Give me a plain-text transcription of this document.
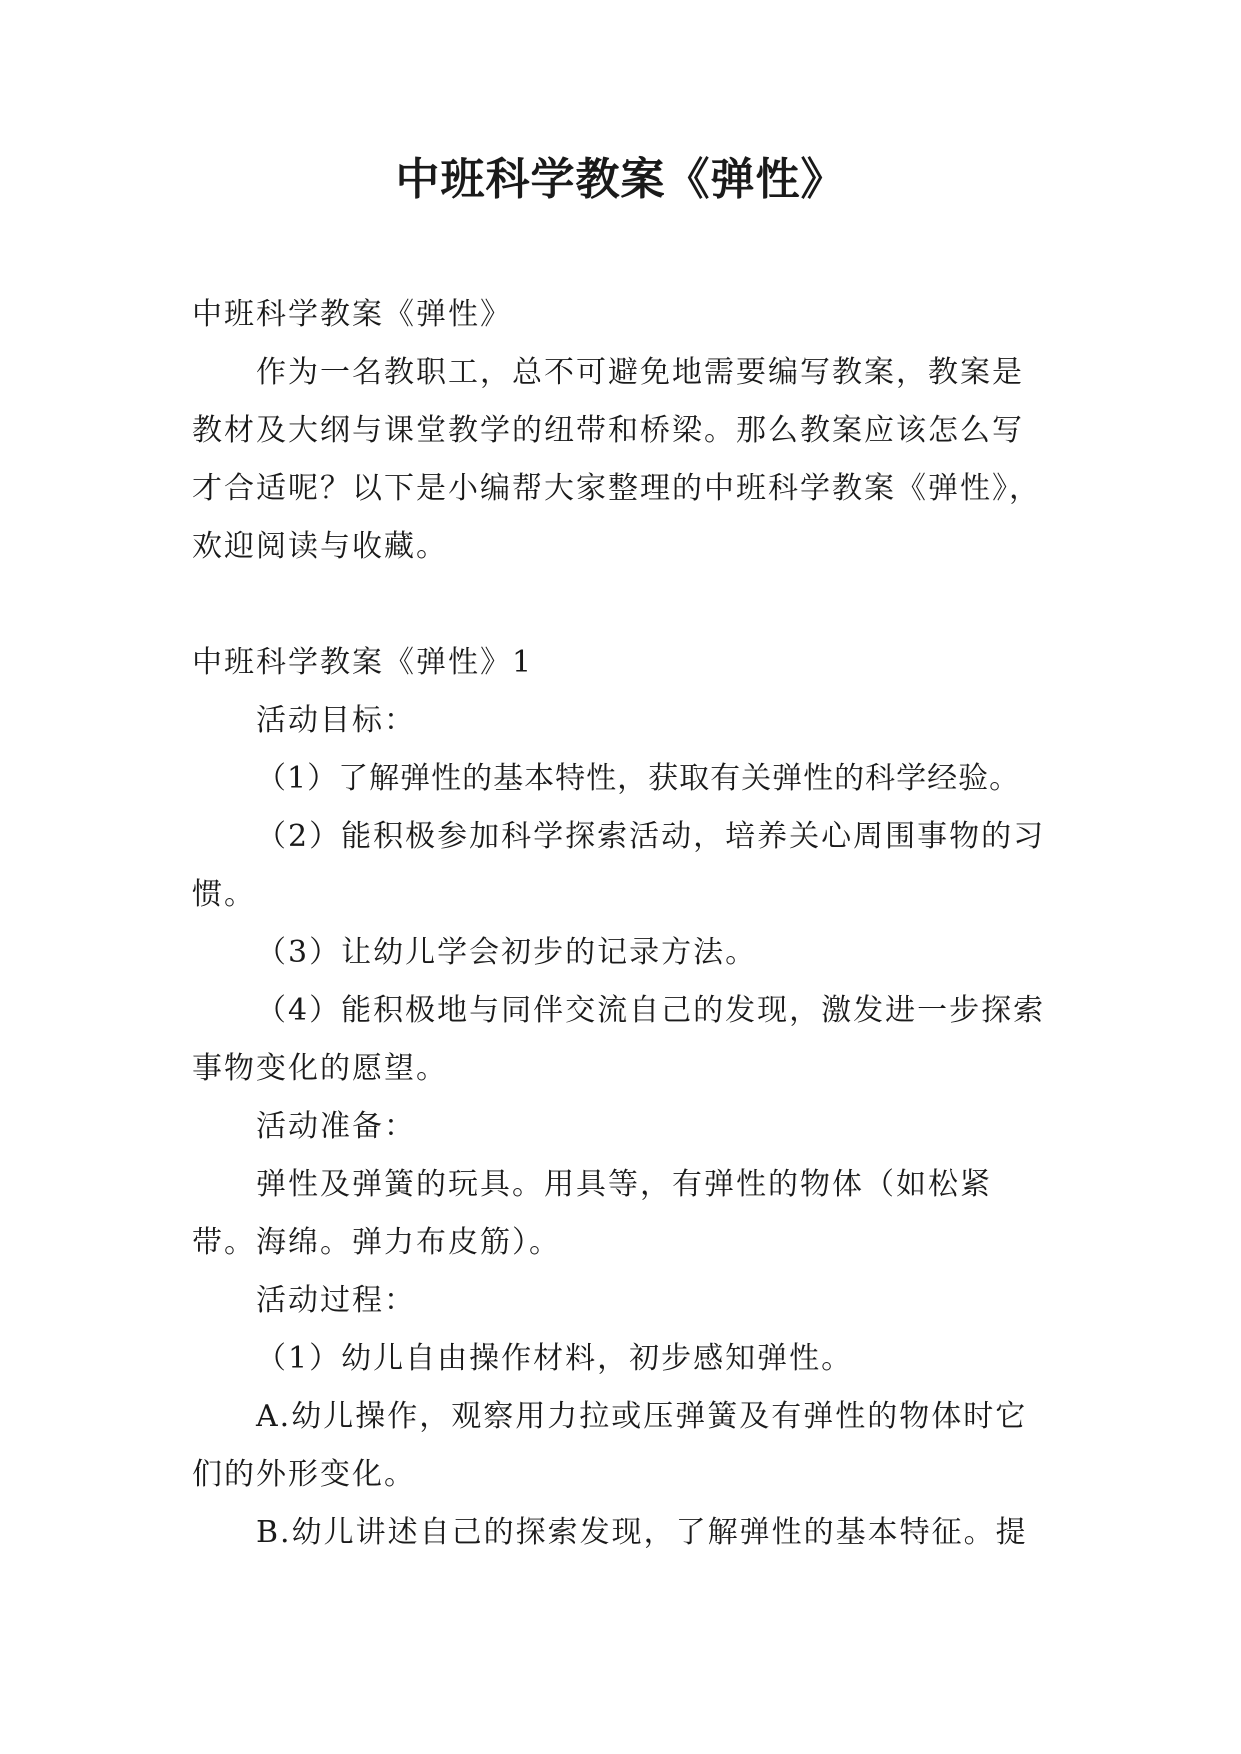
中班科学教案《弹性》

中班科学教案《弹性》

作为一名教职工，总不可避免地需要编写教案，教案是教材及大纲与课堂教学的纽带和桥梁。那么教案应该怎么写才合适呢？以下是小编帮大家整理的中班科学教案《弹性》，欢迎阅读与收藏。

中班科学教案《弹性》1

活动目标：

（1）了解弹性的基本特性，获取有关弹性的科学经验。

（2）能积极参加科学探索活动，培养关心周围事物的习惯。

（3）让幼儿学会初步的记录方法。

（4）能积极地与同伴交流自己的发现，激发进一步探索事物变化的愿望。

活动准备：

弹性及弹簧的玩具。用具等，有弹性的物体（如松紧带。海绵。弹力布皮筋）。

活动过程：

（1）幼儿自由操作材料，初步感知弹性。

A.幼儿操作，观察用力拉或压弹簧及有弹性的物体时它们的外形变化。

B.幼儿讲述自己的探索发现，了解弹性的基本特征。提
